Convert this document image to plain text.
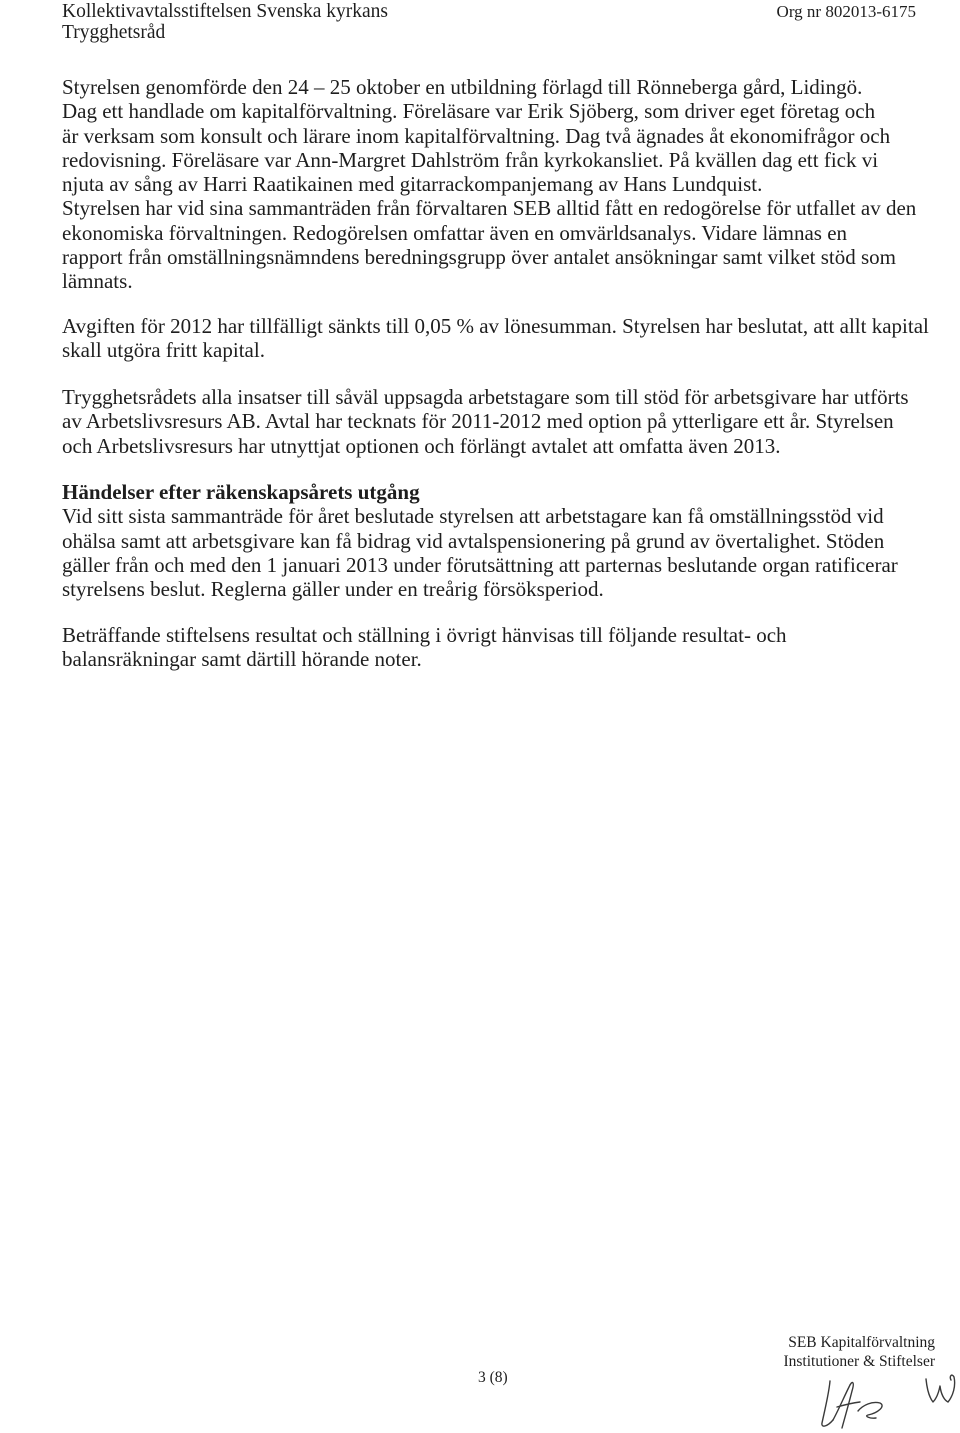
Kollektivavtalsstiftelsen Svenska kyrkans
Trygghetsråd
Org nr 802013-6175
Styrelsen genomförde den 24 – 25 oktober en utbildning förlagd till Rönneberga gård, Lidingö.
Dag ett handlade om kapitalförvaltning. Föreläsare var Erik Sjöberg, som driver eget företag och
är verksam som konsult och lärare inom kapitalförvaltning. Dag två ägnades åt ekonomifrågor och
redovisning. Föreläsare var Ann-Margret Dahlström från kyrkokansliet. På kvällen dag ett fick vi
njuta av sång av Harri Raatikainen med gitarrackompanjemang av Hans Lundquist.
Styrelsen har vid sina sammanträden från förvaltaren SEB alltid fått en redogörelse för utfallet av den
ekonomiska förvaltningen. Redogörelsen omfattar även en omvärldsanalys. Vidare lämnas en
rapport från omställningsnämndens beredningsgrupp över antalet ansökningar samt vilket stöd som
lämnats.
Avgiften för 2012 har tillfälligt sänkts till 0,05 % av lönesumman. Styrelsen har beslutat, att allt kapital
skall utgöra fritt kapital.
Trygghetsrådets alla insatser till såväl uppsagda arbetstagare som till stöd för arbetsgivare har utförts
av Arbetslivsresurs AB. Avtal har tecknats för 2011-2012 med option på ytterligare ett år. Styrelsen
och Arbetslivsresurs har utnyttjat optionen och förlängt avtalet att omfatta även 2013.
Händelser efter räkenskapsårets utgång
Vid sitt sista sammanträde för året beslutade styrelsen att arbetstagare kan få omställningsstöd vid
ohälsa samt att arbetsgivare kan få bidrag vid avtalspensionering på grund av övertalighet. Stöden
gäller från och med den 1 januari 2013 under förutsättning att parternas beslutande organ ratificerar
styrelsens beslut. Reglerna gäller under en treårig försöksperiod.
Beträffande stiftelsens resultat och ställning i övrigt hänvisas till följande resultat- och
balansräkningar samt därtill hörande noter.
SEB Kapitalförvaltning
Institutioner & Stiftelser
3 (8)
